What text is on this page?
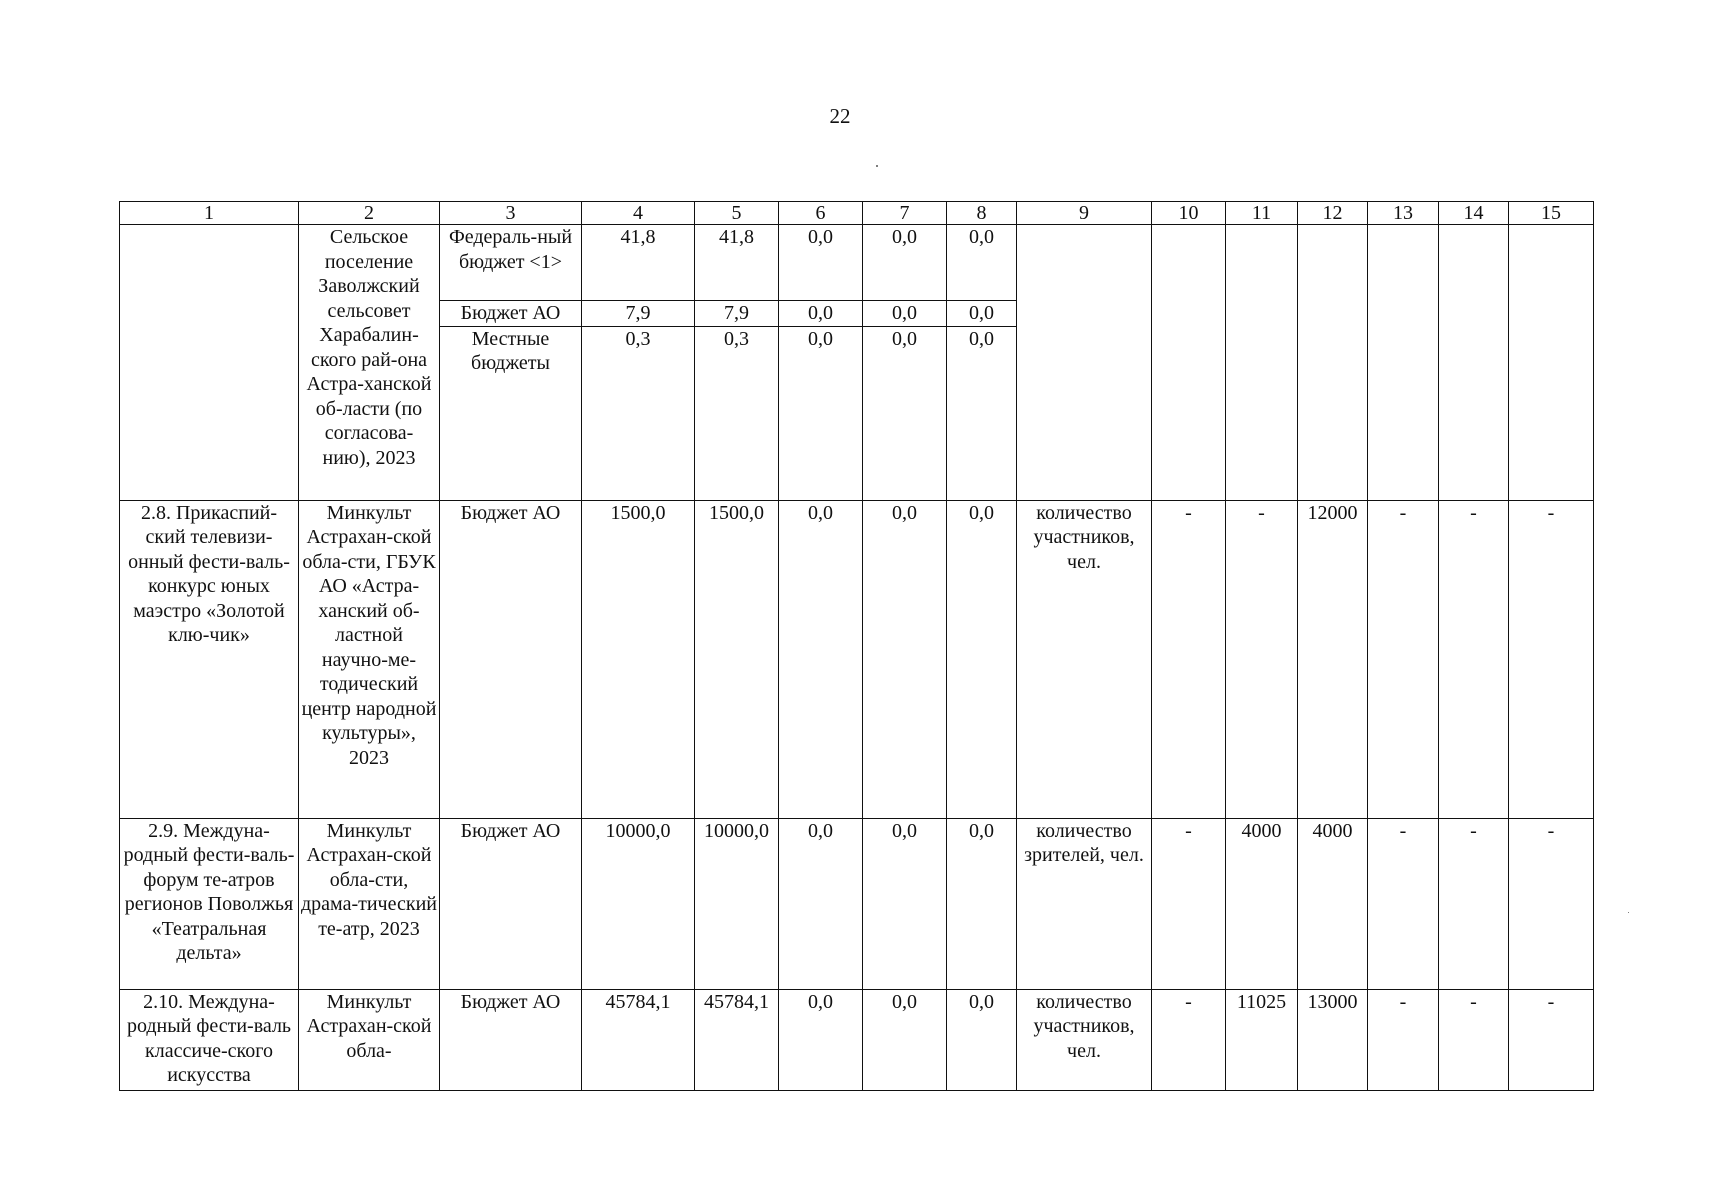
22
1	2	3	4	5	6	7	8	9	10	11	12	13	14	15
	Сельское поселение Заволжский сельсовет Харабалин-ского рай-она Астра-ханской об-ласти (по согласова-нию), 2023	Федераль-ный бюджет <1>	41,8	41,8	0,0	0,0	0,0							
		Бюджет АО	7,9	7,9	0,0	0,0	0,0							
		Местные бюджеты	0,3	0,3	0,0	0,0	0,0							
2.8. Прикаспий-ский телевизи-онный фести-валь-конкурс юных маэстро «Золотой клю-чик»	Минкульт Астрахан-ской обла-сти, ГБУК АО «Астра-ханский об-ластной научно-ме-тодический центр народной культуры», 2023	Бюджет АО	1500,0	1500,0	0,0	0,0	0,0	количество участников, чел.	-	-	12000	-	-	-
2.9. Междуна-родный фести-валь-форум те-атров регионов Поволжья «Театральная дельта»	Минкульт Астрахан-ской обла-сти, драма-тический те-атр, 2023	Бюджет АО	10000,0	10000,0	0,0	0,0	0,0	количество зрителей, чел.	-	4000	4000	-	-	-
2.10. Междуна-родный фести-валь классиче-ского искусства	Минкульт Астрахан-ской обла-	Бюджет АО	45784,1	45784,1	0,0	0,0	0,0	количество участников, чел.	-	11025	13000	-	-	-
